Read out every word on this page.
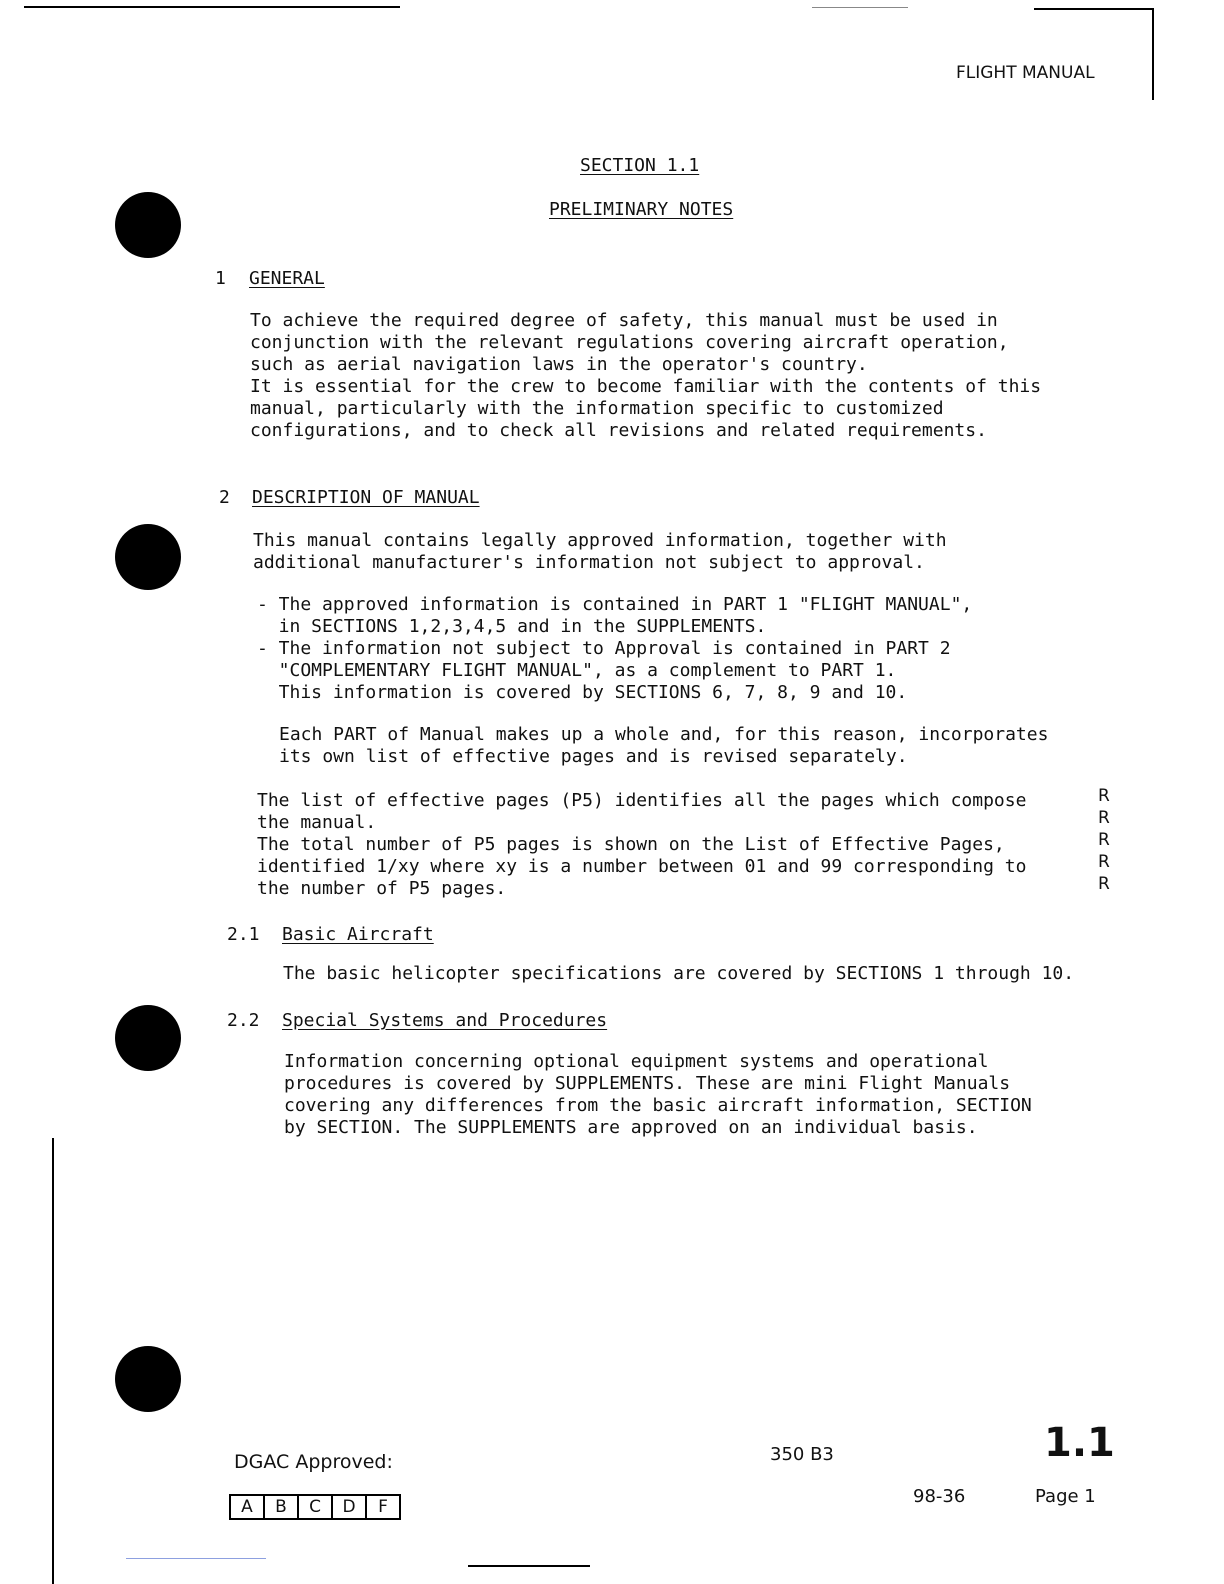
FLIGHT MANUAL
SECTION 1.1
PRELIMINARY NOTES
1 GENERAL
To achieve the required degree of safety, this manual must be used in
conjunction with the relevant regulations covering aircraft operation,
such as aerial navigation laws in the operator's country.
It is essential for the crew to become familiar with the contents of this
manual, particularly with the information specific to customized
configurations, and to check all revisions and related requirements.
2 DESCRIPTION OF MANUAL
This manual contains legally approved information, together with
additional manufacturer's information not subject to approval.
- The approved information is contained in PART 1 "FLIGHT MANUAL",
in SECTIONS 1,2,3,4,5 and in the SUPPLEMENTS.
- The information not subject to Approval is contained in PART 2
"COMPLEMENTARY FLIGHT MANUAL", as a complement to PART 1.
This information is covered by SECTIONS 6, 7, 8, 9 and 10.
Each PART of Manual makes up a whole and, for this reason, incorporates
its own list of effective pages and is revised separately.
The list of effective pages (P5) identifies all the pages which compose
the manual.
The total number of P5 pages is shown on the List of Effective Pages,
identified 1/xy where xy is a number between 01 and 99 corresponding to
the number of P5 pages.
R
R
R
R
R
2.1 Basic Aircraft
The basic helicopter specifications are covered by SECTIONS 1 through 10.
2.2 Special Systems and Procedures
Information concerning optional equipment systems and operational
procedures is covered by SUPPLEMENTS. These are mini Flight Manuals
covering any differences from the basic aircraft information, SECTION
by SECTION. The SUPPLEMENTS are approved on an individual basis.
DGAC Approved:
A	B	C	D	F
350 B3	1.1
98-36	Page 1
